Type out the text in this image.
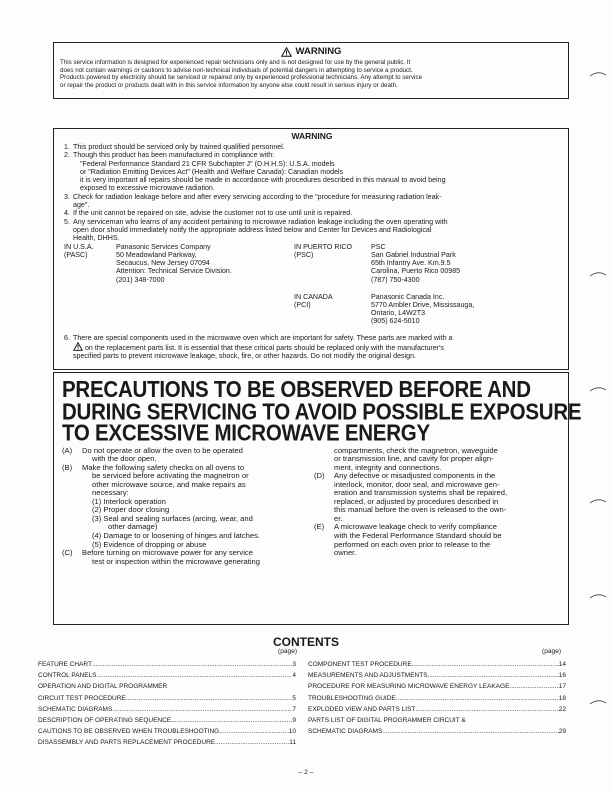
WARNING

This service information is designed for experienced repair technicians only and is not designed for use by the general public. It

does not contain warnings or cautions to advise non-technical individuals of potential dangers in attempting to service a product.

Products powered by electricity should be serviced or repaired only by experienced professional technicians. Any attempt to service

or repair the product or products dealt with in this service information by anyone else could result in serious injury or death.

WARNING
1. This product should be serviced only by trained qualified personnel.
2. Though this product has been manufactured in compliance with:
"Federal Performance Standard 21 CFR Subchapter J" (D.H.H.S): U.S.A. models
or "Radiation Emitting Devices Act" (Health and Welfare Canada): Canadian models
it is very important all repairs should be made in accordance with procedures described in this manual to avoid being
exposed to excessive microwave radiation.
3. Check for radiation leakage before and after every servicing according to the "procedure for measuring radiation leak-
age".
4. If the unit cannot be repaired on site, advise the customer not to use until unit is repaired.
5. Any serviceman who learns of any accident pertaining to microwave radiation leakage including the oven operating with
open door should immediately notify the appropriate address listed below and Center for Devices and Radiological
Health, DHHS.
IN U.S.A.
(PASC)
Panasonic Services Company
50 Meadowland Parkway,
Secaucus, New Jersey 07094
Attention: Technical Service Division.
(201) 348-7000
IN PUERTO RICO
(PSC)
PSC
San Gabriel Industrial Park
65th Infantry Ave. Km.9.5
Carolina, Puerto Rico 00985
(787) 750-4300
IN CANADA
(PCI)
Panasonic Canada Inc.
5770 Ambler Drive, Mississauga,
Ontario, L4W2T3
(905) 624-5010
6. There are special components used in the microwave oven which are important for safety. These parts are marked with a
on the replacement parts list. It is essential that these critical parts should be replaced only with the manufacturer's
specified parts to prevent microwave leakage, shock, fire, or other hazards. Do not modify the original design.
PRECAUTIONS TO BE OBSERVED BEFORE AND
DURING SERVICING TO AVOID POSSIBLE EXPOSURE
TO EXCESSIVE MICROWAVE ENERGY
(A) Do not operate or allow the oven to be operated
with the door open.
(B) Make the following safety checks on all ovens to
be serviced before activating the magnetron or
other microwave source, and make repairs as
necessary:
(1) Interlock operation
(2) Proper door closing
(3) Seal and sealing surfaces (arcing, wear, and
other damage)
(4) Damage to or loosening of hinges and latches.
(5) Evidence of dropping or abuse
(C) Before turning on microwave power for any service
test or inspection within the microwave generating
compartments, check the magnetron, waveguide
or transmission line, and cavity for proper align-
ment, integrity and connections.
(D) Any defective or misadjusted components in the
interlock, monitor, door seal, and microwave gen-
eration and transmission systems shall be repaired,
replaced, or adjusted by procedures described in
this manual before the oven is released to the own-
er.
(E) A microwave leakage check to verify compliance
with the Federal Performance Standard should be
performed on each oven prior to release to the
owner.
CONTENTS
(page)	(page)
FEATURE CHART .....	3
CONTROL PANELS .....	4
OPERATION AND DIGITAL PROGRAMMER
CIRCUIT TEST PROCEDURE .....	5
SCHEMATIC DIAGRAMS .....	7
DESCRIPTION OF OPERATING SEQUENCE .....	9
CAUTIONS TO BE OBSERVED WHEN TROUBLESHOOTING .....	10
DISASSEMBLY AND PARTS REPLACEMENT PROCEDURE .....	11
COMPONENT TEST PROCEDURE .....	14
MEASUREMENTS AND ADJUSTMENTS .....	16
PROCEDURE FOR MEASURING MICROWAVE ENERGY LEAKAGE .....	17
TROUBLESHOOTING GUIDE .....	18
EXPLODED VIEW AND PARTS LIST .....	22
PARTS LIST OF DIGITAL PROGRAMMER CIRCUIT &
SCHEMATIC DIAGRAMS .....	29
– 2 –
